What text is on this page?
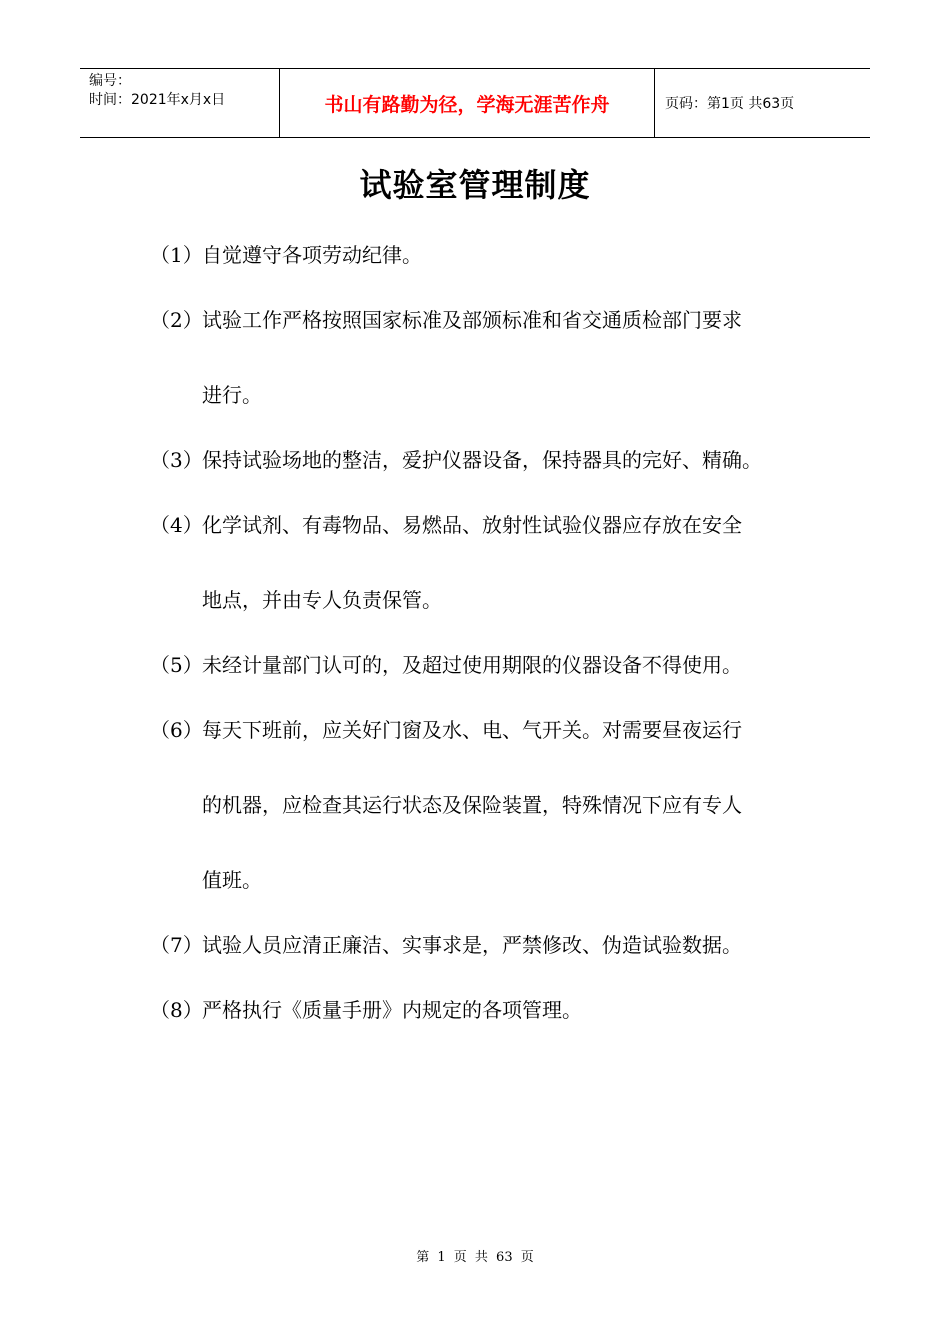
编号：
时间：2021年x月x日	书山有路勤为径，学海无涯苦作舟	页码：第1页 共63页
试验室管理制度
（1） 自觉遵守各项劳动纪律。
（2） 试验工作严格按照国家标准及部颁标准和省交通质检部门要求
进行。
（3） 保持试验场地的整洁，爱护仪器设备，保持器具的完好、精确。
（4） 化学试剂、有毒物品、易燃品、放射性试验仪器应存放在安全
地点，并由专人负责保管。
（5） 未经计量部门认可的，及超过使用期限的仪器设备不得使用。
（6） 每天下班前，应关好门窗及水、电、气开关。对需要昼夜运行
的机器，应检查其运行状态及保险装置，特殊情况下应有专人
值班。
（7） 试验人员应清正廉洁、实事求是，严禁修改、伪造试验数据。
（8） 严格执行《质量手册》内规定的各项管理。
第 1 页 共 63 页
